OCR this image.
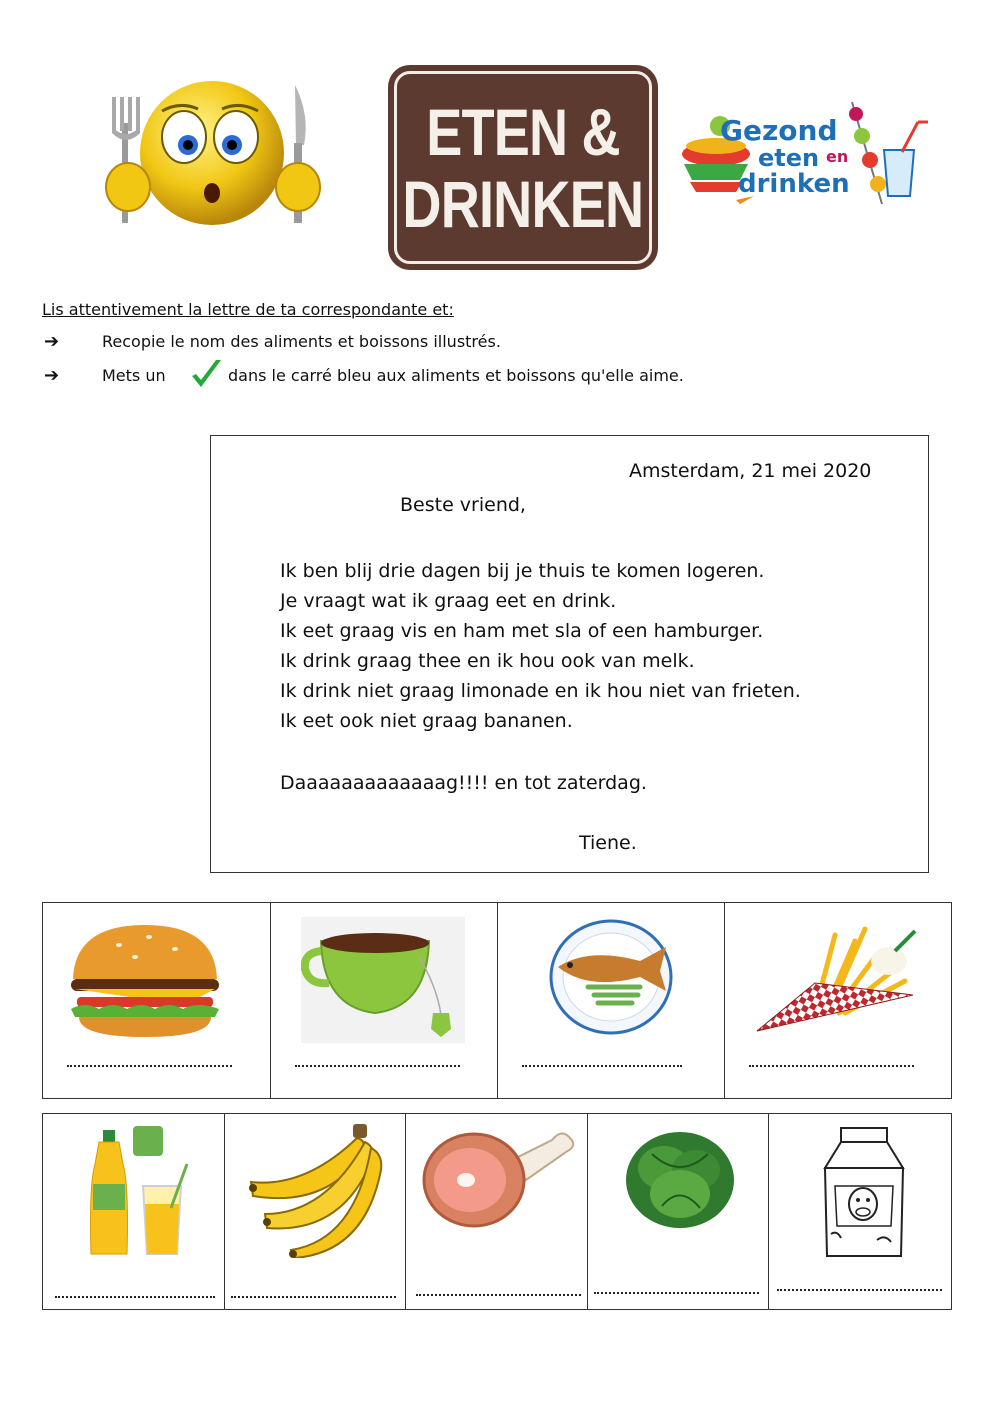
ETEN &
DRINKEN
Gezond
eten en
drinken
Lis attentivement la lettre de ta correspondante et:
➔	Recopie le nom des aliments et boissons illustrés.
➔	Mets un	dans le carré bleu aux aliments et boissons qu'elle aime.
Amsterdam, 21 mei 2020
Beste vriend,
Ik ben blij drie dagen bij je thuis te komen logeren.
Je vraagt wat ik graag eet en drink.
Ik eet graag vis en ham met sla of een hamburger.
Ik drink graag thee en ik hou ook van melk.
Ik drink niet graag limonade en ik hou niet van frieten.
Ik eet ook niet graag bananen.
Daaaaaaaaaaaaag!!!! en tot zaterdag.
Tiene.
